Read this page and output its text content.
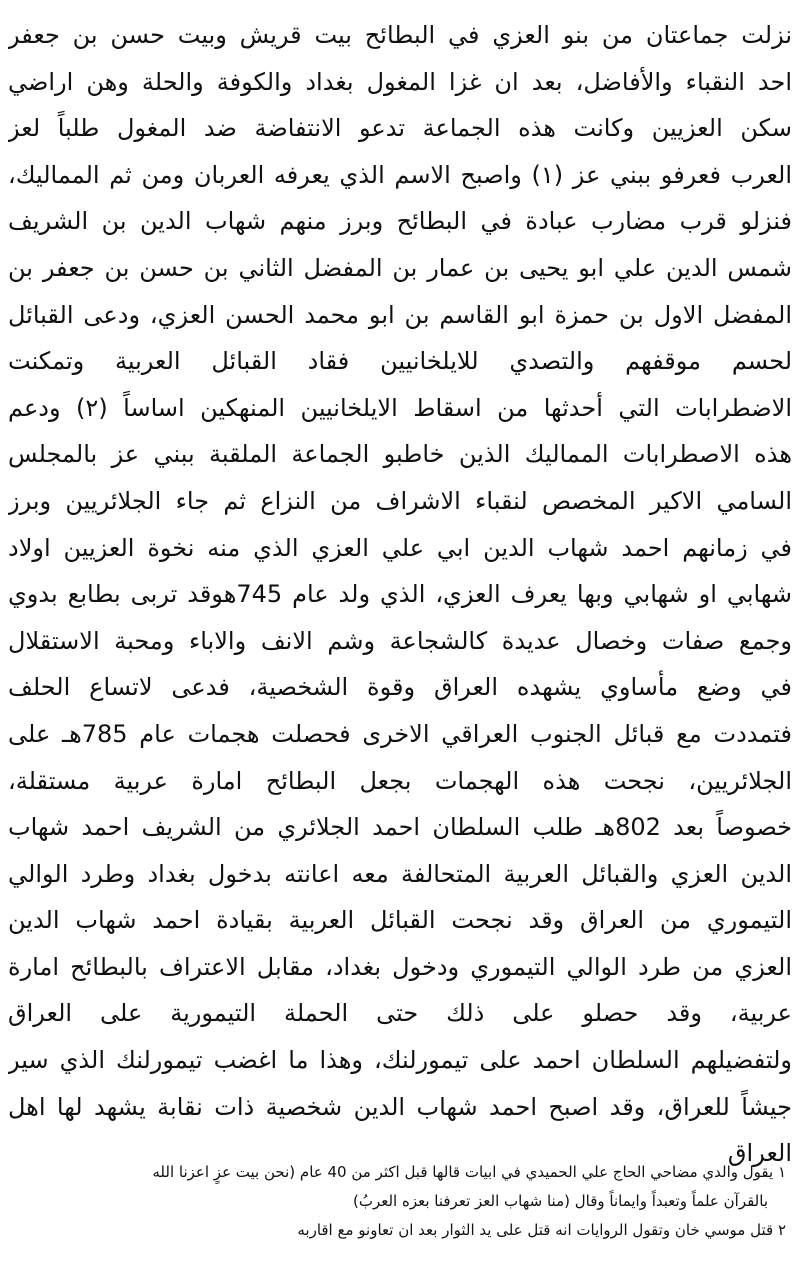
نزلت جماعتان من بنو العزي في البطائح بيت قريش وبيت حسن بن جعفر
احد النقباء والأفاضل، بعد ان غزا المغول بغداد والكوفة والحلة وهن اراضي
سكن العزيين وكانت هذه الجماعة تدعو الانتفاضة ضد المغول طلباً لعز
العرب فعرفو ببني عز (١) واصبح الاسم الذي يعرفه العربان ومن ثم المماليك،
فنزلو قرب مضارب عبادة في البطائح وبرز منهم شهاب الدين بن الشريف
شمس الدين علي ابو يحيى بن عمار بن المفضل الثاني بن حسن بن جعفر بن
المفضل الاول بن حمزة ابو القاسم بن ابو محمد الحسن العزي، ودعى القبائل
لحسم موقفهم والتصدي للايلخانيين فقاد القبائل العربية وتمكنت
الاضطرابات التي أحدثها من اسقاط الايلخانيين المنهكين اساساً (٢) ودعم
هذه الاصطرابات المماليك الذين خاطبو الجماعة الملقبة ببني عز بالمجلس
السامي الاكير المخصص لنقباء الاشراف من النزاع ثم جاء الجلائريين وبرز
في زمانهم احمد شهاب الدين ابي علي العزي الذي منه نخوة العزيين اولاد
شهابي او شهابي وبها يعرف العزي، الذي ولد عام 745هوقد تربى بطابع بدوي
وجمع صفات وخصال عديدة كالشجاعة وشم الانف والاباء ومحبة الاستقلال
في وضع مأساوي يشهده العراق وقوة الشخصية، فدعى لاتساع الحلف
فتمددت مع قبائل الجنوب العراقي الاخرى فحصلت هجمات عام 785هـ على
الجلائريين، نجحت هذه الهجمات بجعل البطائح امارة عربية مستقلة،
خصوصاً بعد 802هـ طلب السلطان احمد الجلائري من الشريف احمد شهاب
الدين العزي والقبائل العربية المتحالفة معه اعانته بدخول بغداد وطرد الوالي
التيموري من العراق وقد نجحت القبائل العربية بقيادة احمد شهاب الدين
العزي من طرد الوالي التيموري ودخول بغداد، مقابل الاعتراف بالبطائح امارة
عربية، وقد حصلو على ذلك حتى الحملة التيمورية على العراق
ولتفضيلهم السلطان احمد على تيمورلنك، وهذا ما اغضب تيمورلنك الذي سير
جيشاً للعراق، وقد اصبح احمد شهاب الدين شخصية ذات نقابة يشهد لها اهل
العراق
١ يقول والدي مضاحي الحاج علي الحميدي في ابيات قالها قبل اكثر من 40 عام (نحن بيت عزٍ اعزنا الله
بالقرآن علماً وتعبداً وايماناً وقال (منا شهاب العز تعرفنا بعزه العربُ)
٢ قتل موسي خان وتقول الروايات انه قتل على يد الثوار بعد ان تعاونو مع اقاربه
